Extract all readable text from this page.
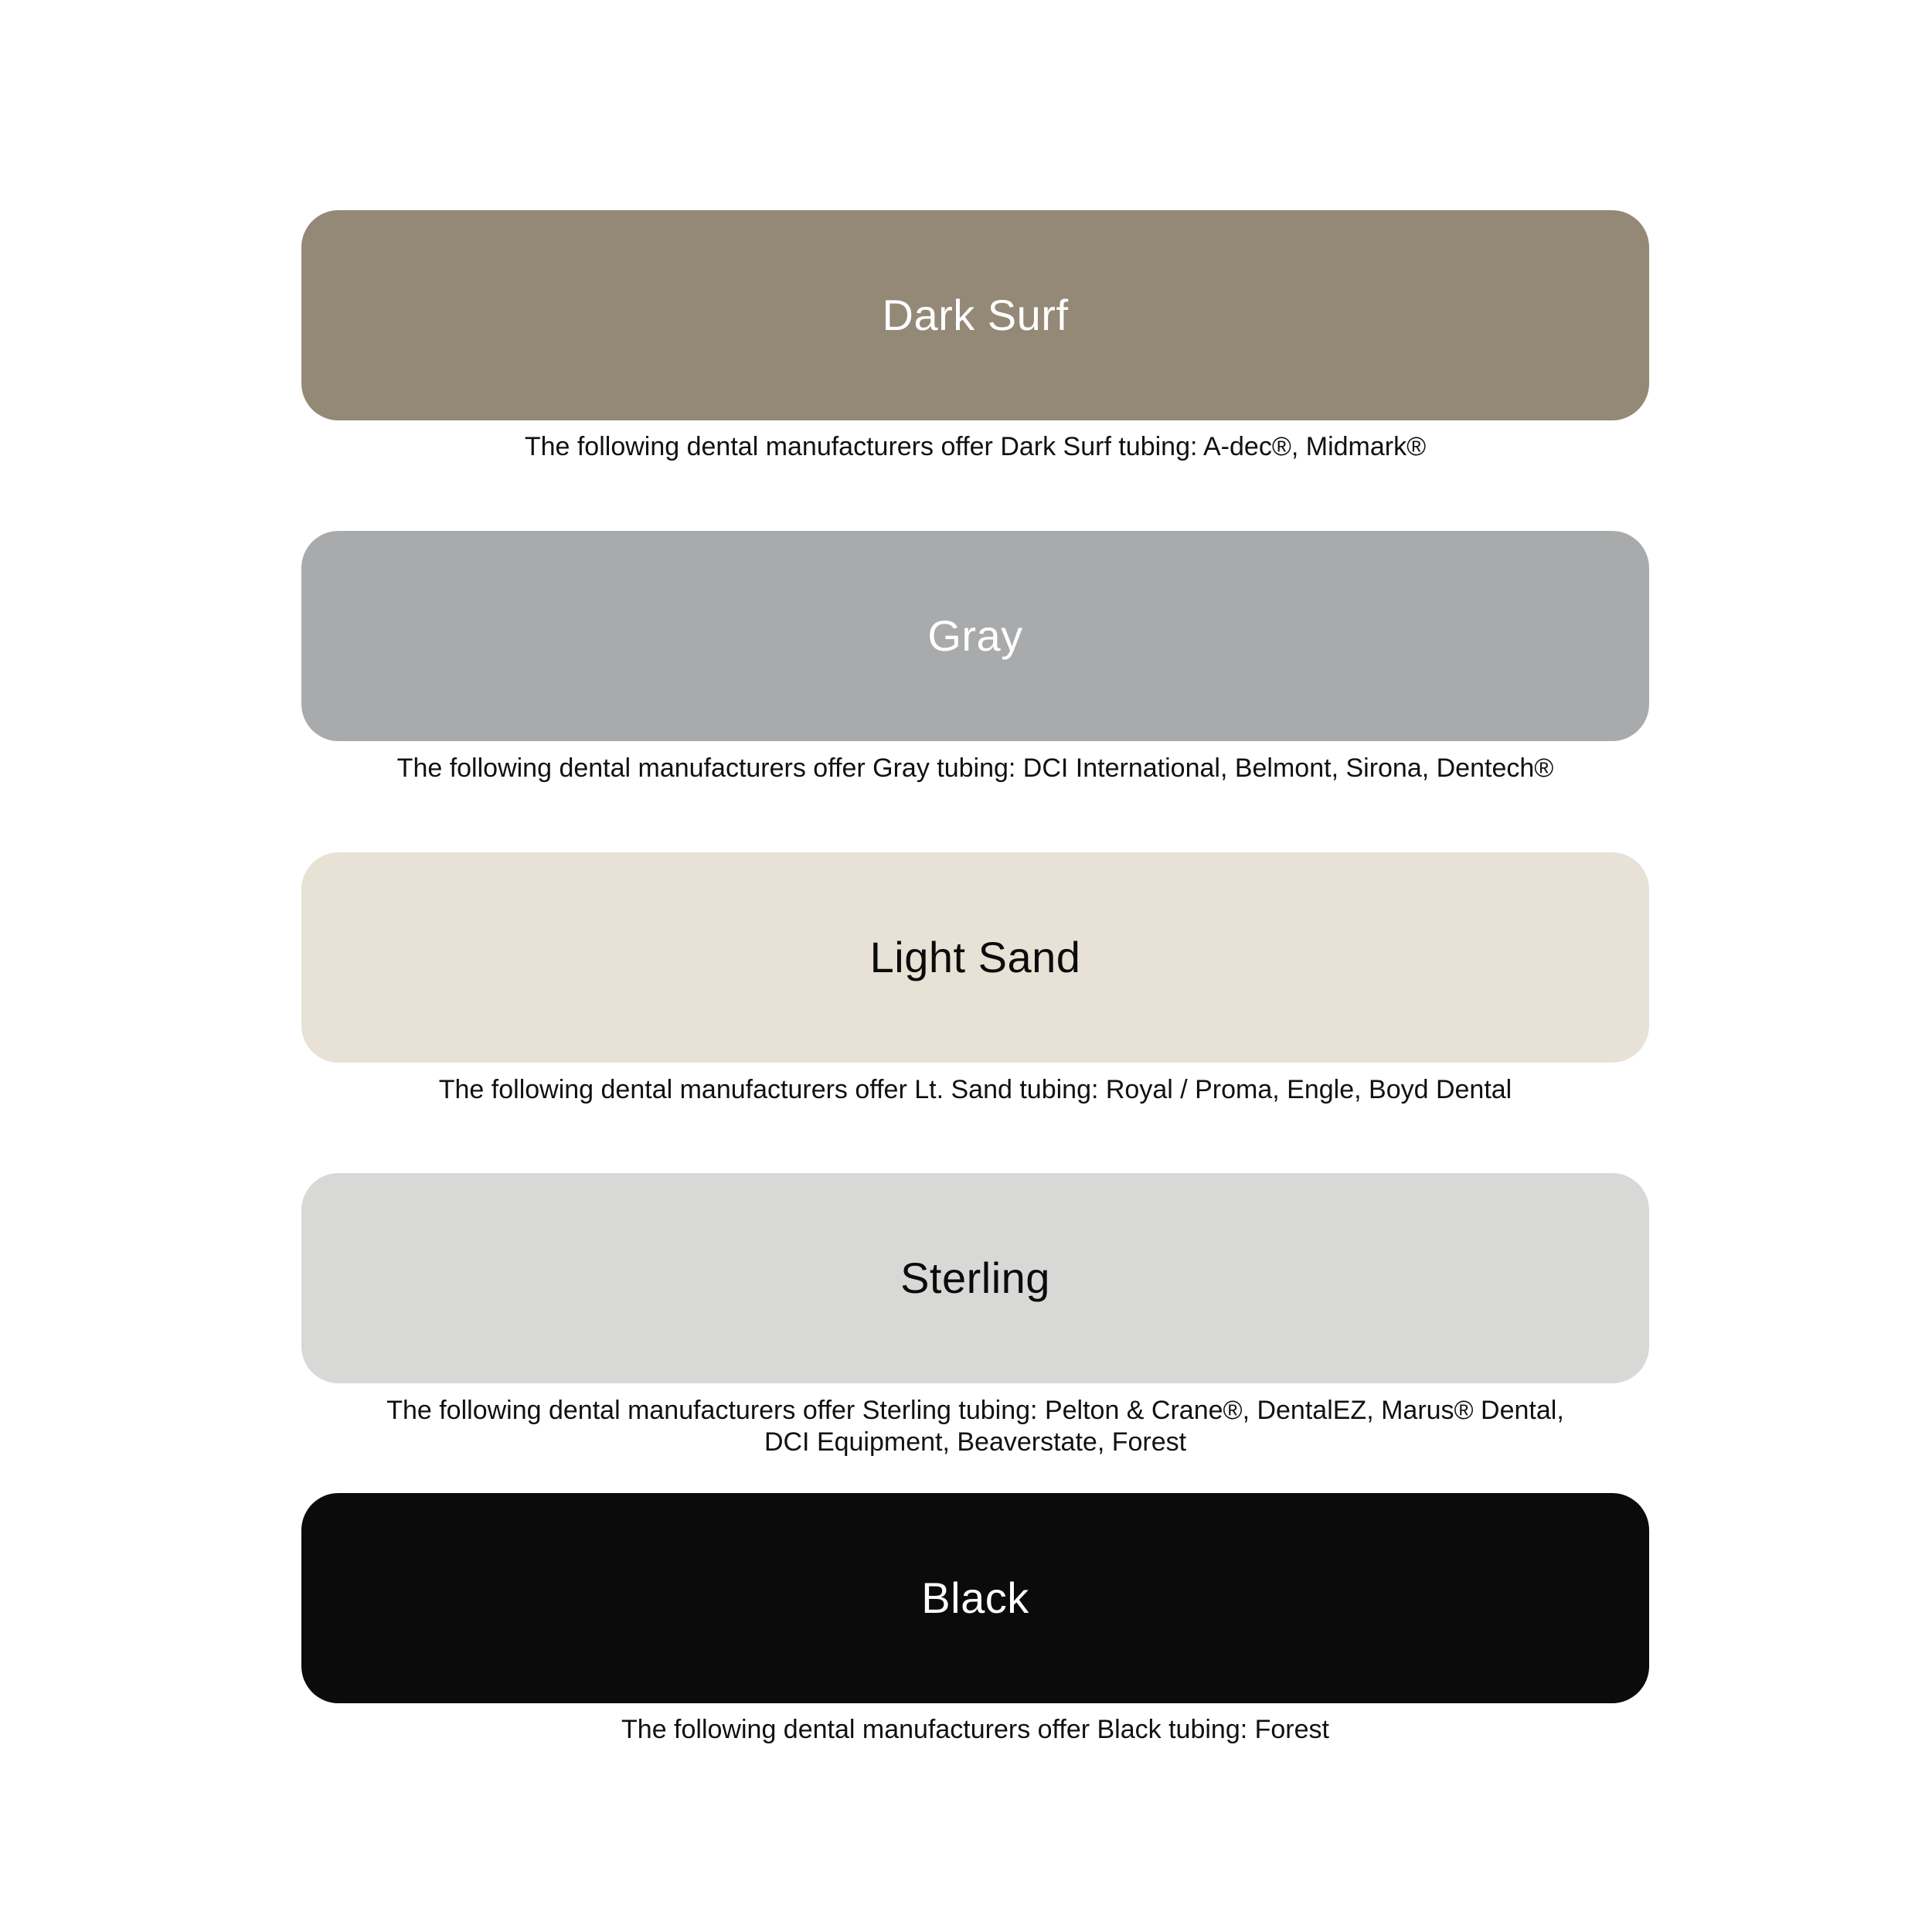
Dark Surf
The following dental manufacturers offer Dark Surf tubing: A-dec®, Midmark®
Gray
The following dental manufacturers offer Gray tubing: DCI International, Belmont, Sirona, Dentech®
Light Sand
The following dental manufacturers offer Lt. Sand tubing: Royal / Proma, Engle, Boyd Dental
Sterling
The following dental manufacturers offer Sterling tubing: Pelton & Crane®, DentalEZ, Marus® Dental,
DCI Equipment, Beaverstate, Forest
Black
The following dental manufacturers offer Black tubing: Forest
